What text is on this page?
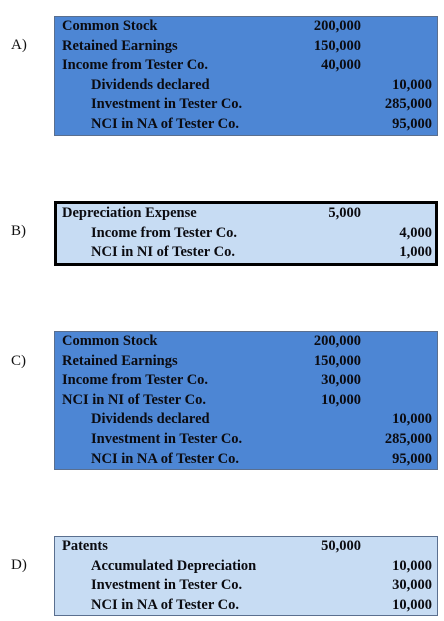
A)
Common Stock	200,000
Retained Earnings	150,000
Income from Tester Co.	40,000
Dividends declared	10,000
Investment in Tester Co.	285,000
NCI in NA of Tester Co.	95,000
B)
Depreciation Expense	5,000
Income from Tester Co.	4,000
NCI in NI of Tester Co.	1,000
C)
Common Stock	200,000
Retained Earnings	150,000
Income from Tester Co.	30,000
NCI in NI of Tester Co.	10,000
Dividends declared	10,000
Investment in Tester Co.	285,000
NCI in NA of Tester Co.	95,000
D)
Patents	50,000
Accumulated Depreciation	10,000
Investment in Tester Co.	30,000
NCI in NA of Tester Co.	10,000
